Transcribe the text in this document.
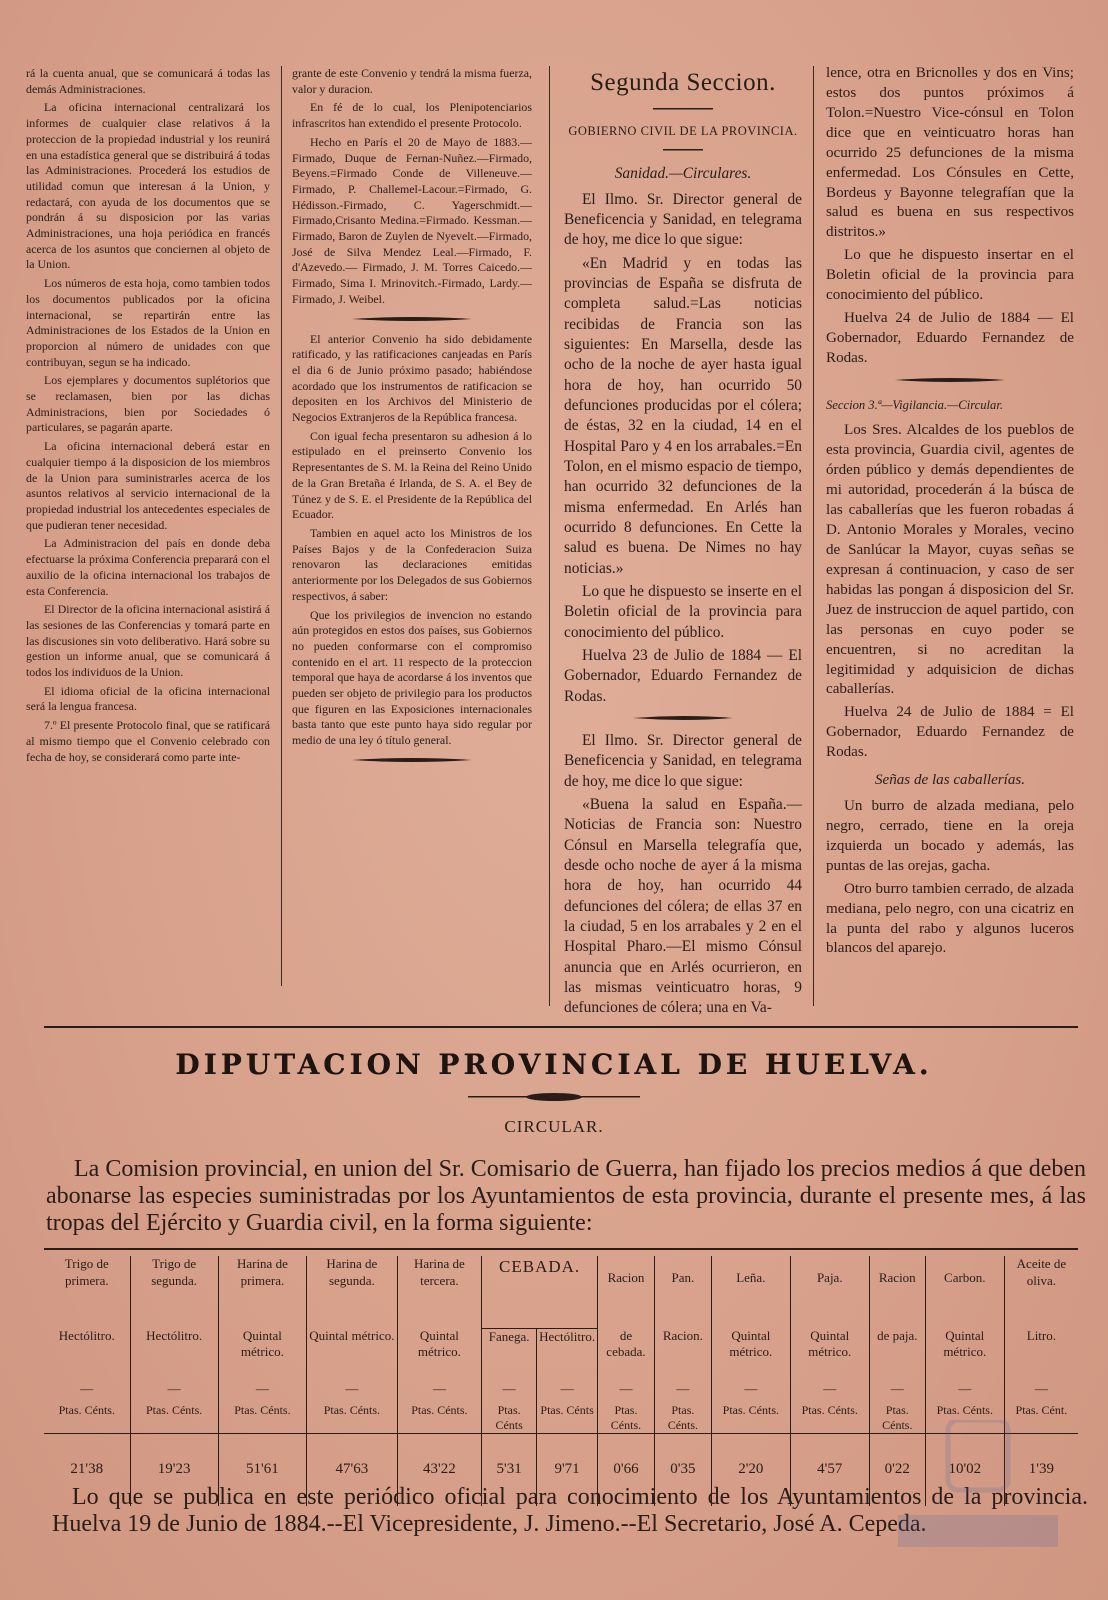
rá la cuenta anual, que se comunicará á todas las demás Administraciones.

La oficina internacional centralizará los informes de cualquier clase relativos á la proteccion de la propiedad industrial y los reunirá en una estadística general que se distribuirá á todas las Administraciones. Procederá los estudios de utilidad comun que interesan á la Union, y redactará, con ayuda de los documentos que se pondrán á su disposicion por las varias Administraciones, una hoja periódica en francés acerca de los asuntos que conciernen al objeto de la Union.

Los números de esta hoja, como tambien todos los documentos publicados por la oficina internacional, se repartirán entre las Administraciones de los Estados de la Union en proporcion al número de unidades con que contribuyan, segun se ha indicado.

Los ejemplares y documentos suplétorios que se reclamasen, bien por las dichas Administracions, bien por Sociedades ó particulares, se pagarán aparte.

La oficina internacional deberá estar en cualquier tiempo á la disposicion de los miembros de la Union para suministrarles acerca de los asuntos relativos al servicio internacional de la propiedad industrial los antecedentes especiales de que pudieran tener necesidad.

La Administracion del país en donde deba efectuarse la próxima Conferencia preparará con el auxilio de la oficina internacional los trabajos de esta Conferencia.

El Director de la oficina internacional asistirá á las sesiones de las Conferencias y tomará parte en las discusiones sin voto deliberativo. Hará sobre su gestion un informe anual, que se comunicará á todos los individuos de la Union.

El idioma oficial de la oficina internacional será la lengua francesa.

7.º El presente Protocolo final, que se ratificará al mismo tiempo que el Convenio celebrado con fecha de hoy, se considerará como parte inte-

grante de este Convenio y tendrá la misma fuerza, valor y duracion.

En fé de lo cual, los Plenipotenciarios infrascritos han extendido el presente Protocolo.

Hecho en París el 20 de Mayo de 1883.—Firmado, Duque de Fernan-Nuñez.—Firmado, Beyens.=Firmado Conde de Villeneuve.—Firmado, P. Challemel-Lacour.=Firmado, G. Hédisson.-Firmado, C. Yagerschmidt.—Firmado,Crisanto Medina.=Firmado. Kessman.—Firmado, Baron de Zuylen de Nyevelt.—Firmado, José de Silva Mendez Leal.—Firmado, F. d'Azevedo.— Firmado, J. M. Torres Caicedo.—Firmado, Sima I. Mrinovitch.-Firmado, Lardy.—Firmado, J. Weibel.

El anterior Convenio ha sido debidamente ratificado, y las ratificaciones canjeadas en París el dia 6 de Junio próximo pasado; habiéndose acordado que los instrumentos de ratificacion se depositen en los Archivos del Ministerio de Negocios Extranjeros de la República francesa.

Con igual fecha presentaron su adhesion á lo estipulado en el preinserto Convenio los Representantes de S. M. la Reina del Reino Unido de la Gran Bretaña é Irlanda, de S. A. el Bey de Túnez y de S. E. el Presidente de la República del Ecuador.

Tambien en aquel acto los Ministros de los Países Bajos y de la Confederacion Suiza renovaron las declaraciones emitidas anteriormente por los Delegados de sus Gobiernos respectivos, á saber:

Que los privilegios de invencion no estando aún protegidos en estos dos países, sus Gobiernos no pueden conformarse con el compromiso contenido en el art. 11 respecto de la proteccion temporal que haya de acordarse á los inventos que pueden ser objeto de privilegio para los productos que figuren en las Exposiciones internacionales basta tanto que este punto haya sido regular por medio de una ley ó título general.

Segunda Seccion.

GOBIERNO CIVIL DE LA PROVINCIA.

Sanidad.—Circulares.

El Ilmo. Sr. Director general de Beneficencia y Sanidad, en telegrama de hoy, me dice lo que sigue:

«En Madrid y en todas las provincias de España se disfruta de completa salud.=Las noticias recibidas de Francia son las siguientes: En Marsella, desde las ocho de la noche de ayer hasta igual hora de hoy, han ocurrido 50 defunciones producidas por el cólera; de éstas, 32 en la ciudad, 14 en el Hospital Paro y 4 en los arrabales.=En Tolon, en el mismo espacio de tiempo, han ocurrido 32 defunciones de la misma enfermedad. En Arlés han ocurrido 8 defunciones. En Cette la salud es buena. De Nimes no hay noticias.»

Lo que he dispuesto se inserte en el Boletin oficial de la provincia para conocimiento del público.

Huelva 23 de Julio de 1884 — El Gobernador, Eduardo Fernandez de Rodas.

El Ilmo. Sr. Director general de Beneficencia y Sanidad, en telegrama de hoy, me dice lo que sigue:

«Buena la salud en España.—Noticias de Francia son: Nuestro Cónsul en Marsella telegrafía que, desde ocho noche de ayer á la misma hora de hoy, han ocurrido 44 defunciones del cólera; de ellas 37 en la ciudad, 5 en los arrabales y 2 en el Hospital Pharo.—El mismo Cónsul anuncia que en Arlés ocurrieron, en las mismas veinticuatro horas, 9 defunciones de cólera; una en Va-

lence, otra en Bricnolles y dos en Vins; estos dos puntos próximos á Tolon.=Nuestro Vice-cónsul en Tolon dice que en veinticuatro horas han ocurrido 25 defunciones de la misma enfermedad. Los Cónsules en Cette, Bordeus y Bayonne telegrafían que la salud es buena en sus respectivos distritos.»

Lo que he dispuesto insertar en el Boletin oficial de la provincia para conocimiento del público.

Huelva 24 de Julio de 1884 — El Gobernador, Eduardo Fernandez de Rodas.

Seccion 3.ª—Vigilancia.—Circular.

Los Sres. Alcaldes de los pueblos de esta provincia, Guardia civil, agentes de órden público y demás dependientes de mi autoridad, procederán á la búsca de las caballerías que les fueron robadas á D. Antonio Morales y Morales, vecino de Sanlúcar la Mayor, cuyas señas se expresan á continuacion, y caso de ser habidas las pongan á disposicion del Sr. Juez de instruccion de aquel partido, con las personas en cuyo poder se encuentren, si no acreditan la legitimidad y adquisicion de dichas caballerías.

Huelva 24 de Julio de 1884 = El Gobernador, Eduardo Fernandez de Rodas.

Señas de las caballerías.

Un burro de alzada mediana, pelo negro, cerrado, tiene en la oreja izquierda un bocado y además, las puntas de las orejas, gacha.

Otro burro tambien cerrado, de alzada mediana, pelo negro, con una cicatriz en la punta del rabo y algunos luceros blancos del aparejo.

DIPUTACION PROVINCIAL DE HUELVA.
CIRCULAR.

La Comision provincial, en union del Sr. Comisario de Guerra, han fijado los precios medios á que deben abonarse las especies suministradas por los Ayuntamientos de esta provincia, durante el presente mes, á las tropas del Ejército y Guardia civil, en la forma siguiente:

Trigo de primera.	Trigo de segunda.	Harina de primera.	Harina de segunda.	Harina de tercera.	CEBADA.		Racion	Pan.	Leña.	Paja.	Racion	Carbon.	Aceite de oliva.
Hectólitro.	Hectólitro.	Quintal métrico.	Quintal métrico.	Quintal métrico.	Fanega.	Hectólitro.	de cebada.	Racion.	Quintal métrico.	Quintal métrico.	de paja.	Quintal métrico.	Litro.
—	—	—	—	—	—	—	—	—	—	—	—	—	—
Ptas. Cénts.	Ptas. Cénts.	Ptas. Cénts.	Ptas. Cénts.	Ptas. Cénts.	Ptas. Cénts	Ptas. Cénts	Ptas. Cénts.	Ptas. Cénts.	Ptas. Cénts.	Ptas. Cénts.	Ptas. Cénts.	Ptas. Cénts.	Ptas. Cént.
21'38	19'23	51'61	47'63	43'22	5'31	9'71	0'66	0'35	2'20	4'57	0'22	10'02	1'39

Lo que se publica en este periódico oficial para conocimiento de los Ayuntamientos de la provincia. Huelva 19 de Junio de 1884.--El Vicepresidente, J. Jimeno.--El Secretario, José A. Cepeda.
